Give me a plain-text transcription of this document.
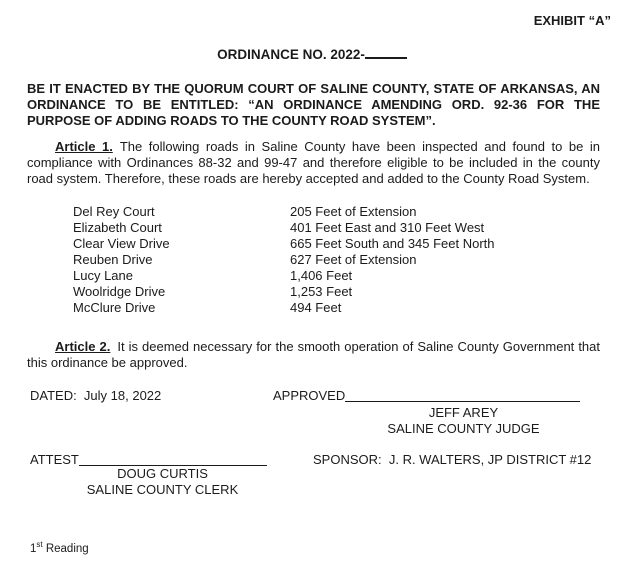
EXHIBIT “A”
ORDINANCE NO. 2022-

BE IT ENACTED BY THE QUORUM COURT OF SALINE COUNTY, STATE OF ARKANSAS, AN ORDINANCE TO BE ENTITLED: “AN ORDINANCE AMENDING ORD. 92-36 FOR THE PURPOSE OF ADDING ROADS TO THE COUNTY ROAD SYSTEM”.

Article 1. The following roads in Saline County have been inspected and found to be in compliance with Ordinances 88-32 and 99-47 and therefore eligible to be included in the county road system. Therefore, these roads are hereby accepted and added to the County Road System.

Del Rey Court	205 Feet of Extension
Elizabeth Court	401 Feet East and 310 Feet West
Clear View Drive	665 Feet South and 345 Feet North
Reuben Drive	627 Feet of Extension
Lucy Lane	1,406 Feet
Woolridge Drive	1,253 Feet
McClure Drive	494 Feet

Article 2. It is deemed necessary for the smooth operation of Saline County Government that this ordinance be approved.

DATED:  July 18, 2022	APPROVED
JEFF AREY
SALINE COUNTY JUDGE
ATTEST	SPONSOR:  J. R. WALTERS, JP DISTRICT #12
DOUG CURTIS
SALINE COUNTY CLERK
1st Reading
